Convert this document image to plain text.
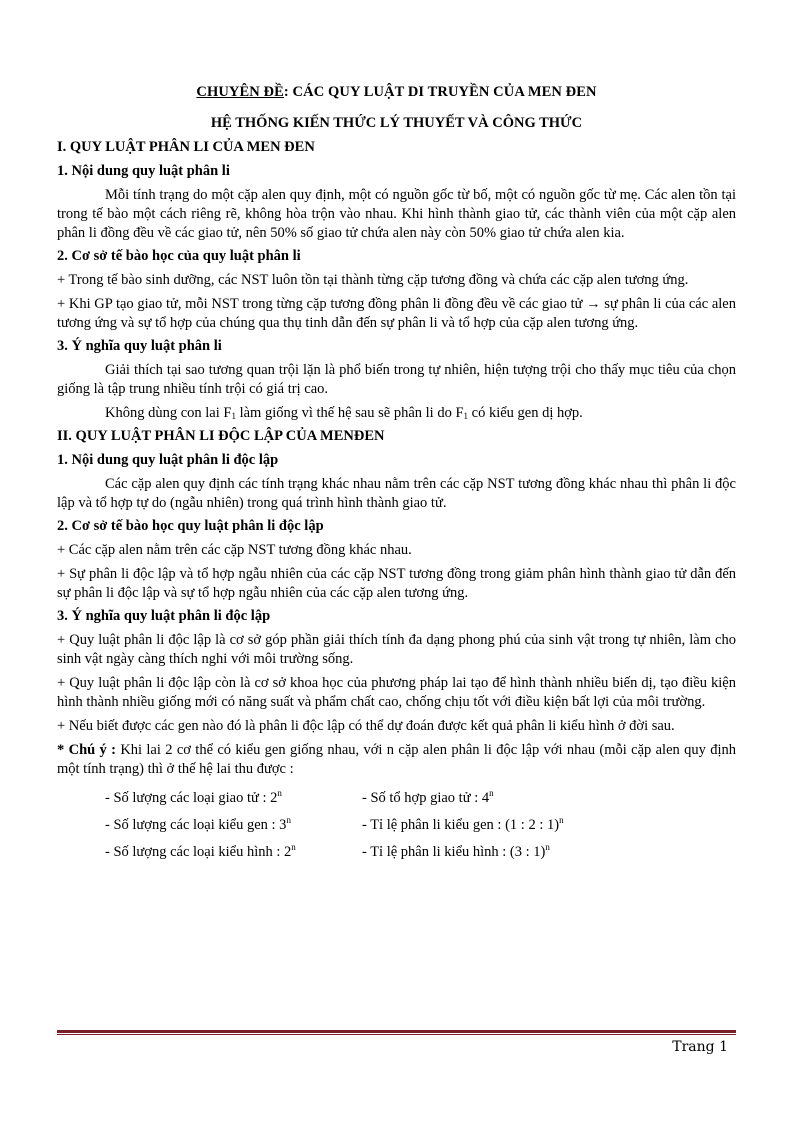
CHUYÊN ĐỀ: CÁC QUY LUẬT DI TRUYỀN CỦA MEN ĐEN
HỆ THỐNG KIẾN THỨC LÝ THUYẾT VÀ CÔNG THỨC
I. QUY LUẬT PHÂN LI CỦA MEN ĐEN
1. Nội dung quy luật phân li

Mỗi tính trạng do một cặp alen quy định, một có nguồn gốc từ bố, một có nguồn gốc từ mẹ. Các alen tồn tại trong tế bào một cách riêng rẽ, không hòa trộn vào nhau. Khi hình thành giao tử, các thành viên của một cặp alen phân li đồng đều về các giao tử, nên 50% số giao tử chứa alen này còn 50% giao tử chứa alen kia.

2. Cơ sở tế bào học của quy luật phân li

+ Trong tế bào sinh dưỡng, các NST luôn tồn tại thành từng cặp tương đồng và chứa các cặp alen tương ứng.

+ Khi GP tạo giao tử, mỗi NST trong từng cặp tương đồng phân li đồng đều về các giao tử → sự phân li của các alen tương ứng và sự tổ hợp của chúng qua thụ tinh dẫn đến sự phân li và tổ hợp của cặp alen tương ứng.

3. Ý nghĩa quy luật phân li

Giải thích tại sao tương quan trội lặn là phổ biến trong tự nhiên, hiện tượng trội cho thấy mục tiêu của chọn giống là tập trung nhiều tính trội có giá trị cao.

Không dùng con lai $F_1$ làm giống vì thế hệ sau sẽ phân li do $F_1$ có kiểu gen dị hợp.

II. QUY LUẬT PHÂN LI ĐỘC LẬP CỦA MENĐEN
1. Nội dung quy luật phân li độc lập

Các cặp alen quy định các tính trạng khác nhau nằm trên các cặp NST tương đồng khác nhau thì phân li độc lập và tổ hợp tự do (ngẫu nhiên) trong quá trình hình thành giao tử.

2. Cơ sở tế bào học quy luật phân li độc lập

+ Các cặp alen nằm trên các cặp NST tương đồng khác nhau.

+ Sự phân li độc lập và tổ hợp ngẫu nhiên của các cặp NST tương đồng trong giảm phân hình thành giao tử dẫn đến sự phân li độc lập và sự tổ hợp ngẫu nhiên của các cặp alen tương ứng.

3. Ý nghĩa quy luật phân li độc lập

+ Quy luật phân li độc lập là cơ sở góp phần giải thích tính đa dạng phong phú của sinh vật trong tự nhiên, làm cho sinh vật ngày càng thích nghi với môi trường sống.

+ Quy luật phân li độc lập còn là cơ sở khoa học của phương pháp lai tạo để hình thành nhiều biến dị, tạo điều kiện hình thành nhiều giống mới có năng suất và phẩm chất cao, chống chịu tốt với điều kiện bất lợi của môi trường.

+ Nếu biết được các gen nào đó là phân li độc lập có thể dự đoán được kết quả phân li kiểu hình ở đời sau.

* Chú ý : Khi lai 2 cơ thể có kiểu gen giống nhau, với n cặp alen phân li độc lập với nhau (mỗi cặp alen quy định một tính trạng) thì ở thế hệ lai thu được :

- Số lượng các loại giao tử : 2$^n$	- Số tổ hợp giao tử : 4$^n$
- Số lượng các loại kiểu gen : 3$^n$	- Tỉ lệ phân li kiểu gen : (1 : 2 : 1)$^n$
- Số lượng các loại kiểu hình : 2$^n$	- Tỉ lệ phân li kiểu hình : (3 : 1)$^n$
Trang 1
